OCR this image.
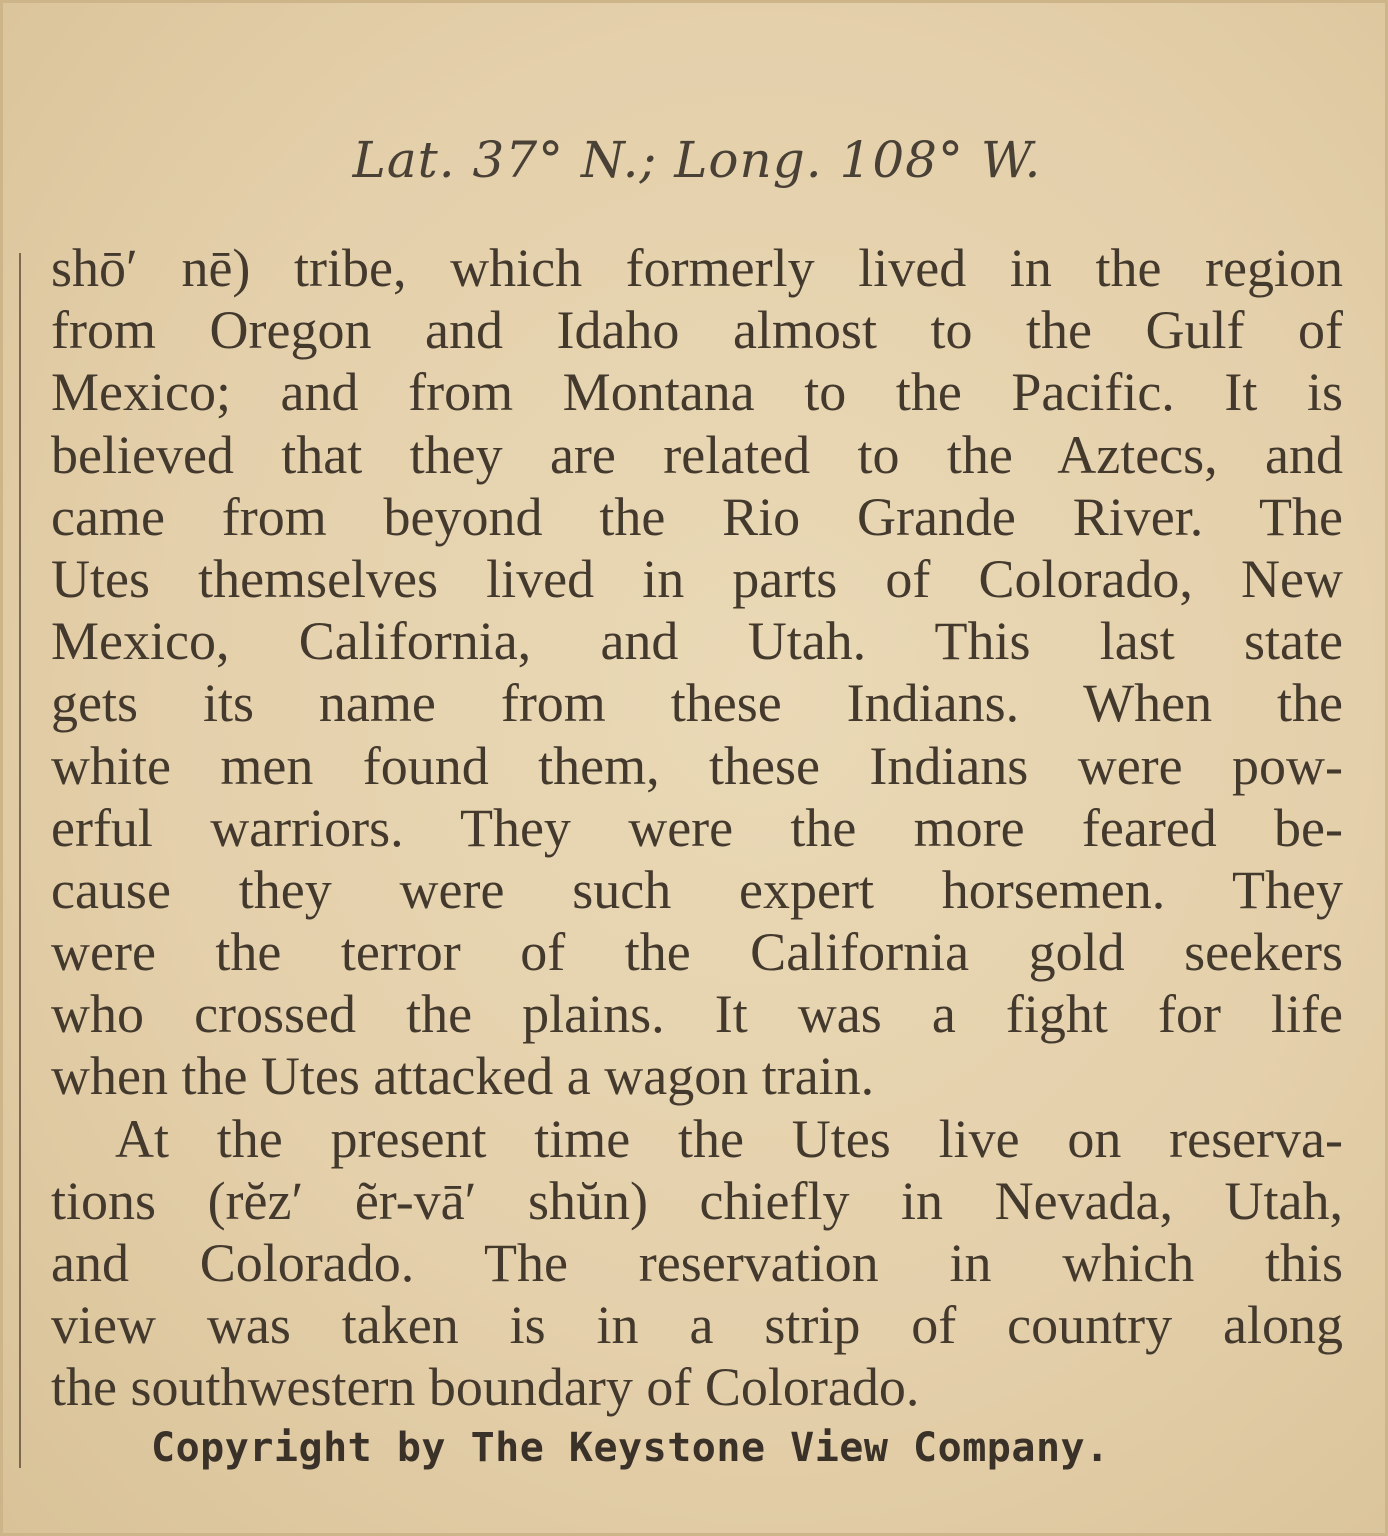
Lat. 37° N.; Long. 108° W.
shō′ nē) tribe, which formerly lived in the region
from Oregon and Idaho almost to the Gulf of
Mexico; and from Montana to the Pacific. It is
believed that they are related to the Aztecs, and
came from beyond the Rio Grande River. The
Utes themselves lived in parts of Colorado, New
Mexico, California, and Utah. This last state
gets its name from these Indians. When the
white men found them, these Indians were pow-
erful warriors. They were the more feared be-
cause they were such expert horsemen. They
were the terror of the California gold seekers
who crossed the plains. It was a fight for life
when the Utes attacked a wagon train.
At the present time the Utes live on reserva-
tions (rĕz′ ẽr-vā′ shŭn) chiefly in Nevada, Utah,
and Colorado. The reservation in which this
view was taken is in a strip of country along
the southwestern boundary of Colorado.
Copyright by The Keystone View Company.
